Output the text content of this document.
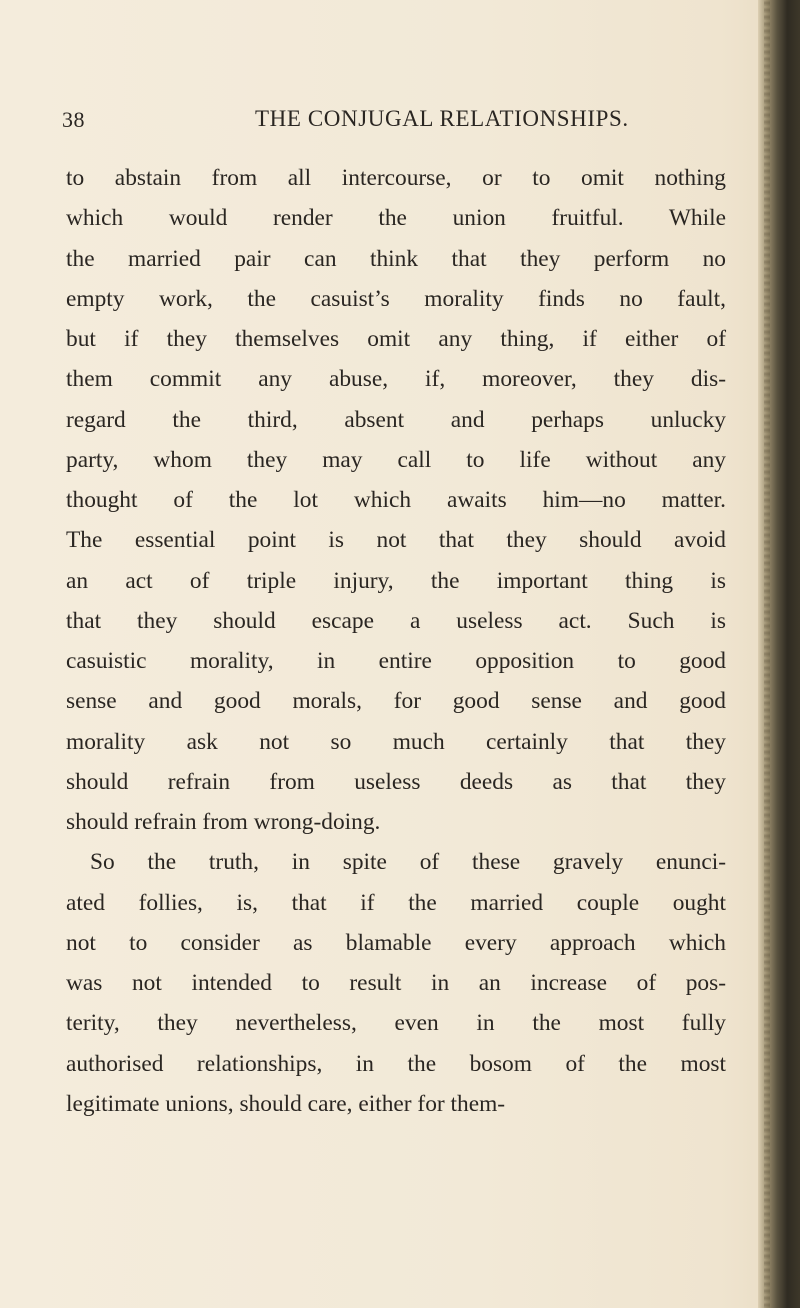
38	THE CONJUGAL RELATIONSHIPS.
to abstain from all intercourse, or to omit nothing
which would render the union fruitful. While
the married pair can think that they perform no
empty work, the casuist’s morality finds no fault,
but if they themselves omit any thing, if either of
them commit any abuse, if, moreover, they dis-
regard the third, absent and perhaps unlucky
party, whom they may call to life without any
thought of the lot which awaits him—no matter.
The essential point is not that they should avoid
an act of triple injury, the important thing is
that they should escape a useless act. Such is
casuistic morality, in entire opposition to good
sense and good morals, for good sense and good
morality ask not so much certainly that they
should refrain from useless deeds as that they
should refrain from wrong-doing.
So the truth, in spite of these gravely enunci-
ated follies, is, that if the married couple ought
not to consider as blamable every approach which
was not intended to result in an increase of pos-
terity, they nevertheless, even in the most fully
authorised relationships, in the bosom of the most
legitimate unions, should care, either for them-
